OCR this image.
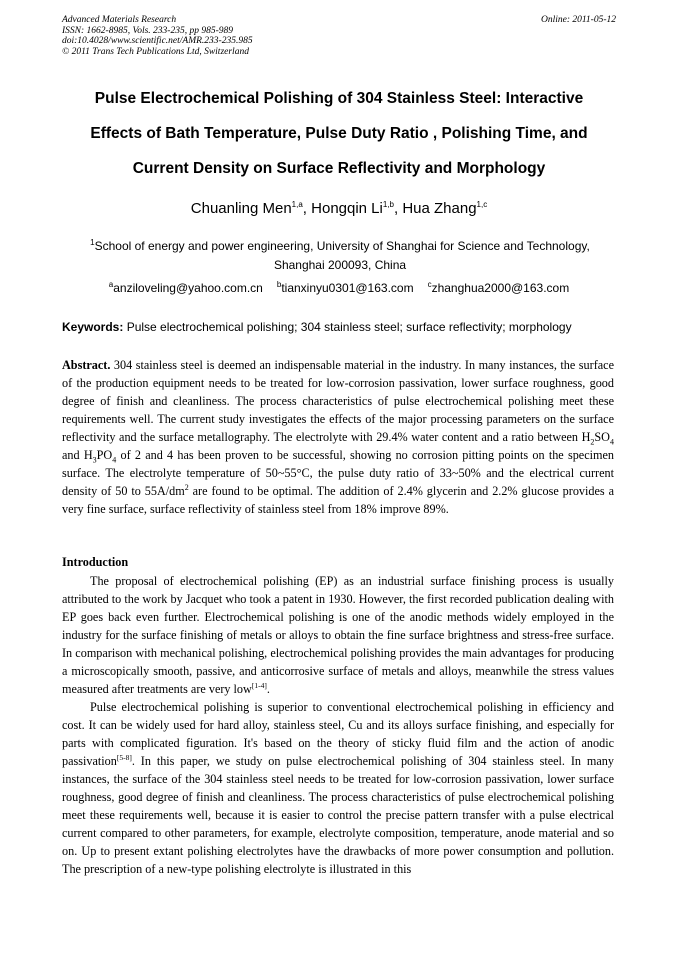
Advanced Materials Research
ISSN: 1662-8985, Vols. 233-235, pp 985-989
doi:10.4028/www.scientific.net/AMR.233-235.985
© 2011 Trans Tech Publications Ltd, Switzerland
Online: 2011-05-12
Pulse Electrochemical Polishing of 304 Stainless Steel: Interactive
Effects of Bath Temperature, Pulse Duty Ratio , Polishing Time, and
Current Density on Surface Reflectivity and Morphology
Chuanling Men$^{1,a}$, Hongqin Li$^{1,b}$, Hua Zhang$^{1,c}$
$^1$School of energy and power engineering, University of Shanghai for Science and Technology,
Shanghai 200093, China
$^a$anziloveling@yahoo.com.cn $^b$tianxinyu0301@163.com $^c$zhanghua2000@163.com
Keywords: Pulse electrochemical polishing; 304 stainless steel; surface reflectivity; morphology
Abstract. 304 stainless steel is deemed an indispensable material in the industry. In many instances, the surface of the production equipment needs to be treated for low-corrosion passivation, lower surface roughness, good degree of finish and cleanliness. The process characteristics of pulse electrochemical polishing meet these requirements well. The current study investigates the effects of the major processing parameters on the surface reflectivity and the surface metallography. The electrolyte with 29.4% water content and a ratio between $H_2SO_4$ and $H_3PO_4$ of 2 and 4 has been proven to be successful, showing no corrosion pitting points on the specimen surface. The electrolyte temperature of 50~55°C, the pulse duty ratio of 33~50% and the electrical current density of 50 to $55A/dm^2$ are found to be optimal. The addition of 2.4% glycerin and 2.2% glucose provides a very fine surface, surface reflectivity of stainless steel from 18% improve 89%.
Introduction

The proposal of electrochemical polishing (EP) as an industrial surface finishing process is usually attributed to the work by Jacquet who took a patent in 1930. However, the first recorded publication dealing with EP goes back even further. Electrochemical polishing is one of the anodic methods widely employed in the industry for the surface finishing of metals or alloys to obtain the fine surface brightness and stress-free surface. In comparison with mechanical polishing, electrochemical polishing provides the main advantages for producing a microscopically smooth, passive, and anticorrosive surface of metals and alloys, meanwhile the stress values measured after treatments are very low[1-4].

Pulse electrochemical polishing is superior to conventional electrochemical polishing in efficiency and cost. It can be widely used for hard alloy, stainless steel, Cu and its alloys surface finishing, and especially for parts with complicated figuration. It's based on the theory of sticky fluid film and the action of anodic passivation[5-8]. In this paper, we study on pulse electrochemical polishing of 304 stainless steel. In many instances, the surface of the 304 stainless steel needs to be treated for low-corrosion passivation, lower surface roughness, good degree of finish and cleanliness. The process characteristics of pulse electrochemical polishing meet these requirements well, because it is easier to control the precise pattern transfer with a pulse electrical current compared to other parameters, for example, electrolyte composition, temperature, anode material and so on. Up to present extant polishing electrolytes have the drawbacks of more power consumption and pollution. The prescription of a new-type polishing electrolyte is illustrated in this
